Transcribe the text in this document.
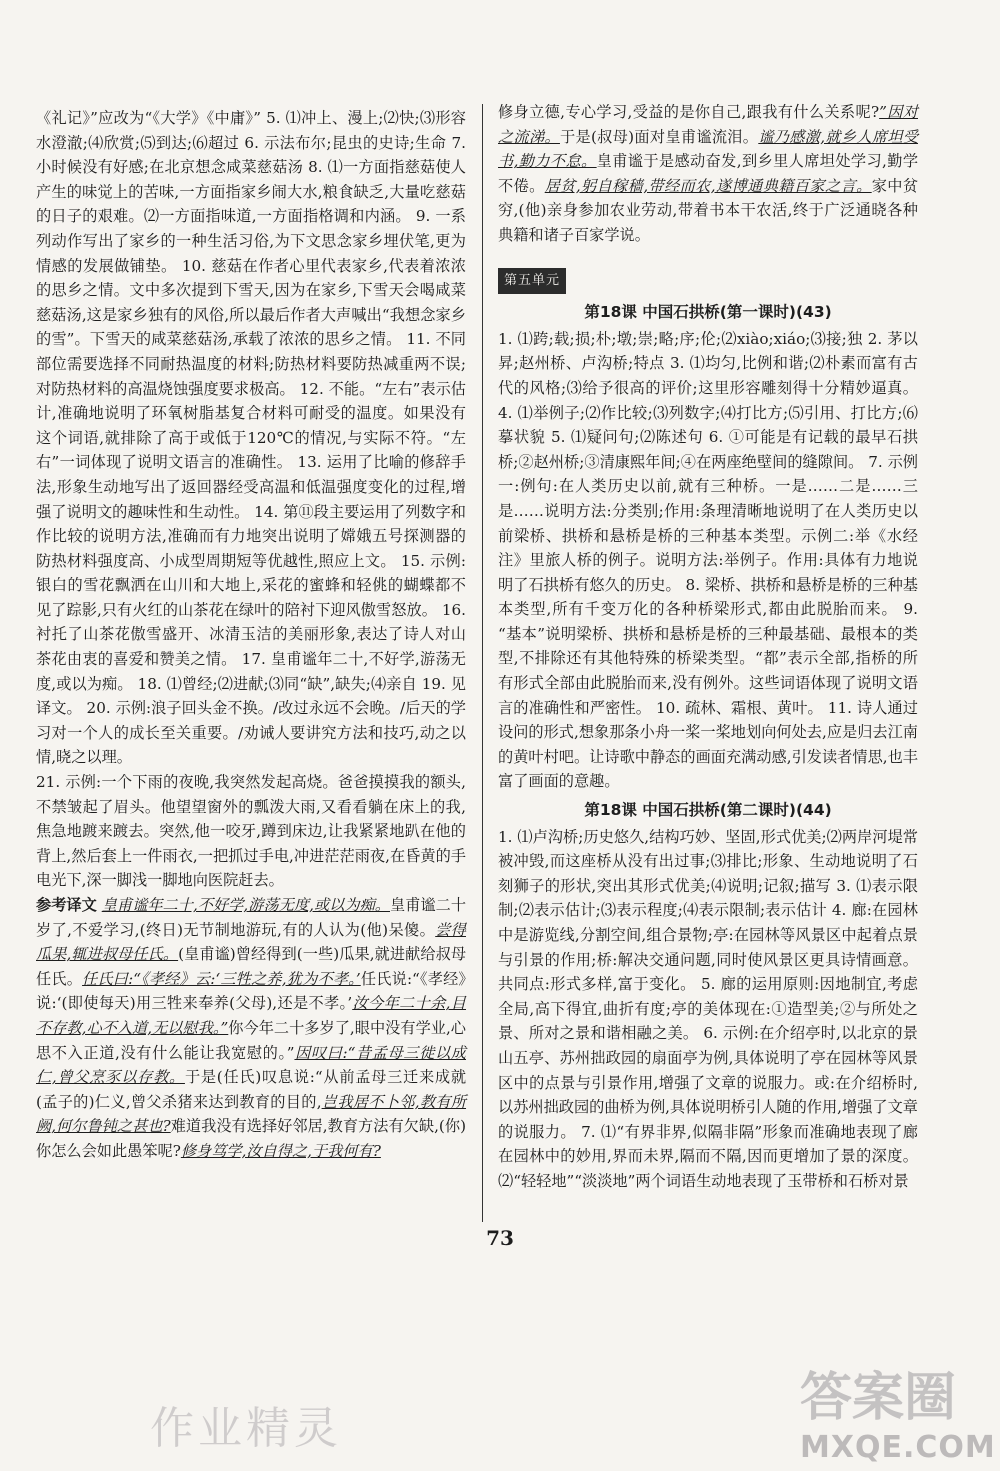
《礼记》”应改为“《大学》《中庸》” 5. ⑴冲上、漫上;⑵快;⑶形容水澄澈;⑷欣赏;⑸到达;⑹超过 6. 示法布尔;昆虫的史诗;生命 7. 小时候没有好感;在北京想念咸菜慈菇汤 8. ⑴一方面指慈菇使人产生的味觉上的苦味,一方面指家乡闹大水,粮食缺乏,大量吃慈菇的日子的艰难。⑵一方面指味道,一方面指格调和内涵。 9. 一系列动作写出了家乡的一种生活习俗,为下文思念家乡埋伏笔,更为情感的发展做铺垫。 10. 慈菇在作者心里代表家乡,代表着浓浓的思乡之情。文中多次提到下雪天,因为在家乡,下雪天会喝咸菜慈菇汤,这是家乡独有的风俗,所以最后作者大声喊出“我想念家乡的雪”。下雪天的咸菜慈菇汤,承载了浓浓的思乡之情。 11. 不同部位需要选择不同耐热温度的材料;防热材料要防热减重两不误;对防热材料的高温烧蚀强度要求极高。 12. 不能。“左右”表示估计,准确地说明了环氧树脂基复合材料可耐受的温度。如果没有这个词语,就排除了高于或低于120℃的情况,与实际不符。“左右”一词体现了说明文语言的准确性。 13. 运用了比喻的修辞手法,形象生动地写出了返回器经受高温和低温强度变化的过程,增强了说明文的趣味性和生动性。 14. 第⑪段主要运用了列数字和作比较的说明方法,准确而有力地突出说明了嫦娥五号探测器的防热材料强度高、小成型周期短等优越性,照应上文。 15. 示例:银白的雪花飘洒在山川和大地上,采花的蜜蜂和轻佻的蝴蝶都不见了踪影,只有火红的山茶花在绿叶的陪衬下迎风傲雪怒放。 16. 衬托了山茶花傲雪盛开、冰清玉洁的美丽形象,表达了诗人对山茶花由衷的喜爱和赞美之情。 17. 皇甫谧年二十,不好学,游荡无度,或以为痴。 18. ⑴曾经;⑵进献;⑶同“缺”,缺失;⑷亲自 19. 见译文。 20. 示例:浪子回头金不换。/改过永远不会晚。/后天的学习对一个人的成长至关重要。/劝诫人要讲究方法和技巧,动之以情,晓之以理。

21. 示例:一个下雨的夜晚,我突然发起高烧。爸爸摸摸我的额头,不禁皱起了眉头。他望望窗外的瓢泼大雨,又看看躺在床上的我,焦急地踱来踱去。突然,他一咬牙,蹲到床边,让我紧紧地趴在他的背上,然后套上一件雨衣,一把抓过手电,冲进茫茫雨夜,在昏黄的手电光下,深一脚浅一脚地向医院赶去。

参考译文 皇甫谧年二十,不好学,游荡无度,或以为痴。皇甫谧二十岁了,不爱学习,(终日)无节制地游玩,有的人认为(他)呆傻。尝得瓜果,辄进叔母任氏。(皇甫谧)曾经得到(一些)瓜果,就进献给叔母任氏。任氏曰:“《孝经》云:‘三牲之养,犹为不孝。’任氏说:“《孝经》说:‘(即使每天)用三牲来奉养(父母),还是不孝。’汝今年二十余,目不存教,心不入道,无以慰我。”你今年二十多岁了,眼中没有学业,心思不入正道,没有什么能让我宽慰的。”因叹曰:“昔孟母三徙以成仁,曾父烹豕以存教。于是(任氏)叹息说:“从前孟母三迁来成就(孟子的)仁义,曾父杀猪来达到教育的目的,岂我居不卜邻,教有所阙,何尔鲁钝之甚也?难道我没有选择好邻居,教育方法有欠缺,(你)你怎么会如此愚笨呢?修身笃学,汝自得之,于我何有?

修身立德,专心学习,受益的是你自己,跟我有什么关系呢?”因对之流涕。于是(叔母)面对皇甫谧流泪。谧乃感激,就乡人席坦受书,勤力不怠。皇甫谧于是感动奋发,到乡里人席坦处学习,勤学不倦。居贫,躬自稼穑,带经而农,遂博通典籍百家之言。家中贫穷,(他)亲身参加农业劳动,带着书本干农活,终于广泛通晓各种典籍和诸子百家学说。

第五单元
第18课 中国石拱桥(第一课时)(43)

1. ⑴跨;载;损;朴;墩;崇;略;序;伦;⑵xiào;xiáo;⑶接;独 2. 茅以昇;赵州桥、卢沟桥;特点 3. ⑴均匀,比例和谐;⑵朴素而富有古代的风格;⑶给予很高的评价;这里形容雕刻得十分精妙逼真。 4. ⑴举例子;⑵作比较;⑶列数字;⑷打比方;⑸引用、打比方;⑹摹状貌 5. ⑴疑问句;⑵陈述句 6. ①可能是有记载的最早石拱桥;②赵州桥;③清康熙年间;④在两座绝壁间的缝隙间。 7. 示例一:例句:在人类历史以前,就有三种桥。一是……二是……三是……说明方法:分类别;作用:条理清晰地说明了在人类历史以前梁桥、拱桥和悬桥是桥的三种基本类型。示例二:举《水经注》里旅人桥的例子。说明方法:举例子。作用:具体有力地说明了石拱桥有悠久的历史。 8. 梁桥、拱桥和悬桥是桥的三种基本类型,所有千变万化的各种桥梁形式,都由此脱胎而来。 9. “基本”说明梁桥、拱桥和悬桥是桥的三种最基础、最根本的类型,不排除还有其他特殊的桥梁类型。“都”表示全部,指桥的所有形式全部由此脱胎而来,没有例外。这些词语体现了说明文语言的准确性和严密性。 10. 疏林、霜根、黄叶。 11. 诗人通过设问的形式,想象那条小舟一桨一桨地划向何处去,应是归去江南的黄叶村吧。让诗歌中静态的画面充满动感,引发读者情思,也丰富了画面的意趣。

第18课 中国石拱桥(第二课时)(44)

1. ⑴卢沟桥;历史悠久,结构巧妙、坚固,形式优美;⑵两岸河堤常被冲毁,而这座桥从没有出过事;⑶排比;形象、生动地说明了石刻狮子的形状,突出其形式优美;⑷说明;记叙;描写 3. ⑴表示限制;⑵表示估计;⑶表示程度;⑷表示限制;表示估计 4. 廊:在园林中是游览线,分割空间,组合景物;亭:在园林等风景区中起着点景与引景的作用;桥:解决交通问题,同时使风景区更具诗情画意。共同点:形式多样,富于变化。 5. 廊的运用原则:因地制宜,考虑全局,高下得宜,曲折有度;亭的美体现在:①造型美;②与所处之景、所对之景和谐相融之美。 6. 示例:在介绍亭时,以北京的景山五亭、苏州拙政园的扇面亭为例,具体说明了亭在园林等风景区中的点景与引景作用,增强了文章的说服力。或:在介绍桥时,以苏州拙政园的曲桥为例,具体说明桥引人随的作用,增强了文章的说服力。 7. ⑴“有界非界,似隔非隔”形象而准确地表现了廊在园林中的妙用,界而未界,隔而不隔,因而更增加了景的深度。⑵“轻轻地”“淡淡地”两个词语生动地表现了玉带桥和石桥对景

73
作业精灵
答案圈
MXQE.COM
